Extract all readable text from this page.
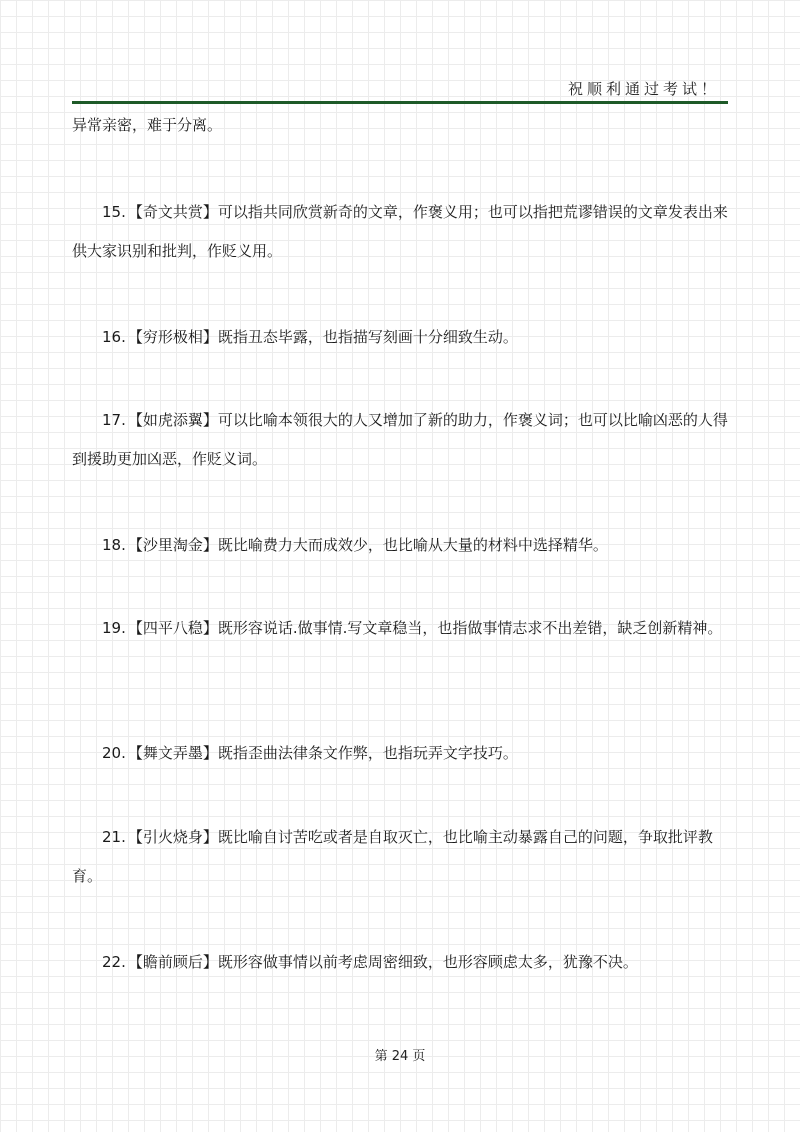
祝顺利通过考试！

异常亲密，难于分离。

15. 【奇文共赏】可以指共同欣赏新奇的文章，作褒义用；也可以指把荒谬错误的文章发表出来供大家识别和批判，作贬义用。

16. 【穷形极相】既指丑态毕露，也指描写刻画十分细致生动。

17. 【如虎添翼】可以比喻本领很大的人又增加了新的助力，作褒义词；也可以比喻凶恶的人得到援助更加凶恶，作贬义词。

18. 【沙里淘金】既比喻费力大而成效少，也比喻从大量的材料中选择精华。

19. 【四平八稳】既形容说话.做事情.写文章稳当，也指做事情志求不出差错，缺乏创新精神。

20. 【舞文弄墨】既指歪曲法律条文作弊，也指玩弄文字技巧。

21. 【引火烧身】既比喻自讨苦吃或者是自取灭亡，也比喻主动暴露自己的问题，争取批评教育。

22. 【瞻前顾后】既形容做事情以前考虑周密细致，也形容顾虑太多，犹豫不决。

第 24 页
